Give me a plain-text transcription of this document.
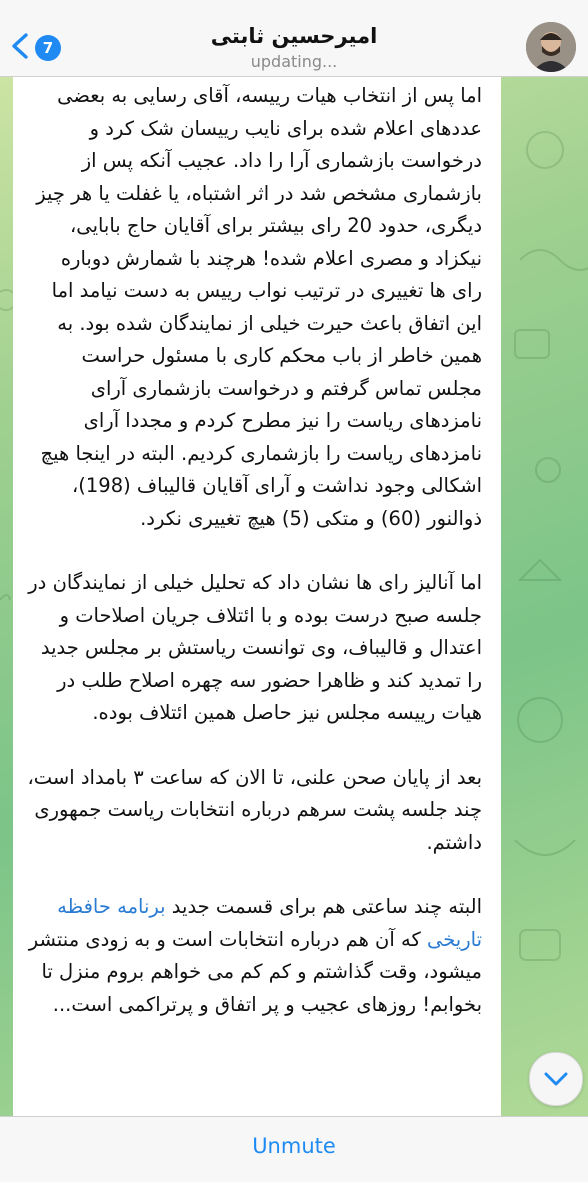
7	امیرحسین ثابتی
updating...

اما پس از انتخاب هیات رییسه، آقای رسایی به بعضی عددهای اعلام شده برای نایب رییسان شک کرد و درخواست بازشماری آرا را داد. عجیب آنکه پس از بازشماری مشخص شد در اثر اشتباه، یا غفلت یا هر چیز دیگری، حدود 20 رای بیشتر برای آقایان حاج بابایی، نیکزاد و مصری اعلام شده! هرچند با شمارش دوباره رای ها تغییری در ترتیب نواب رییس به دست نیامد اما این اتفاق باعث حیرت خیلی از نمایندگان شده بود. به همین خاطر از باب محکم کاری با مسئول حراست مجلس تماس گرفتم و درخواست بازشماری آرای نامزدهای ریاست را نیز مطرح کردم و مجددا آرای نامزدهای ریاست را بازشماری کردیم. البته در اینجا هیچ اشکالی وجود نداشت و آرای آقایان قالیباف (198)، ذوالنور (60) و متکی (5) هیچ تغییری نکرد.

اما آنالیز رای ها نشان داد که تحلیل خیلی از نمایندگان در جلسه صبح درست بوده و با ائتلاف جریان اصلاحات و اعتدال و قالیباف، وی توانست ریاستش بر مجلس جدید را تمدید کند و ظاهرا حضور سه چهره اصلاح طلب در هیات رییسه مجلس نیز حاصل همین ائتلاف بوده.

بعد از پایان صحن علنی، تا الان که ساعت ۳ بامداد است، چند جلسه پشت سرهم درباره انتخابات ریاست جمهوری داشتم.

البته چند ساعتی هم برای قسمت جدید برنامه حافظه تاریخی که آن هم درباره انتخابات است و به زودی منتشر میشود، وقت گذاشتم و کم کم می خواهم بروم منزل تا بخوابم! روزهای عجیب و پر اتفاق و پرتراکمی است...

Unmute
